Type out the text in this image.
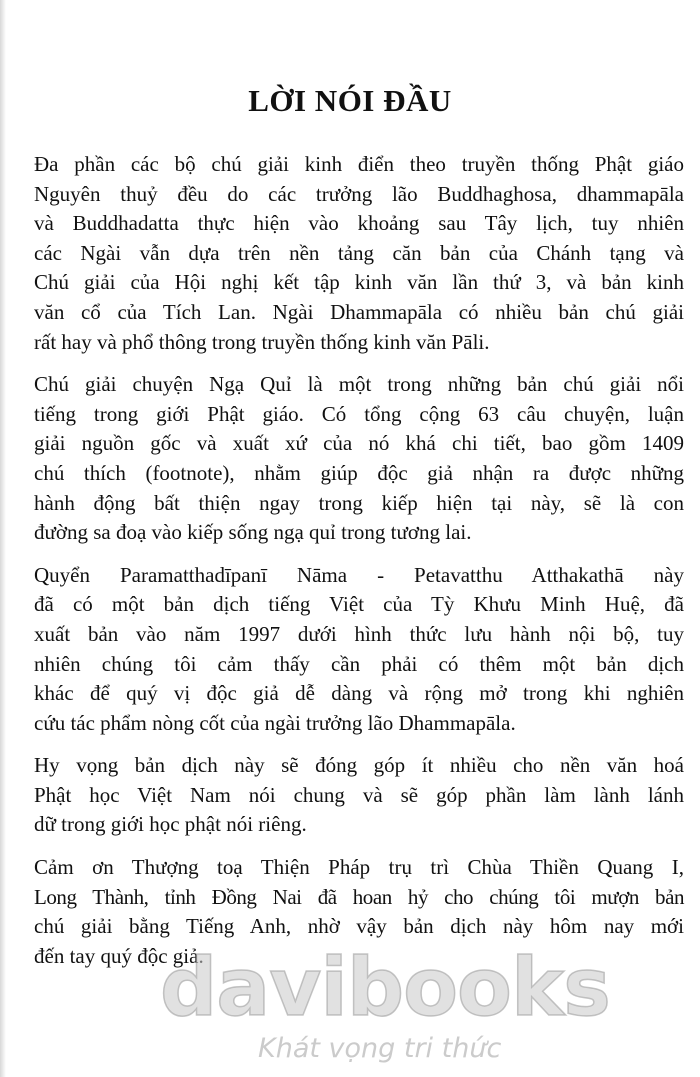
LỜI NÓI ĐẦU
Đa phần các bộ chú giải kinh điển theo truyền thống Phật giáo
Nguyên thuỷ đều do các trưởng lão Buddhaghosa, dhammapāla
và Buddhadatta thực hiện vào khoảng sau Tây lịch, tuy nhiên
các Ngài vẫn dựa trên nền tảng căn bản của Chánh tạng và
Chú giải của Hội nghị kết tập kinh văn lần thứ 3, và bản kinh
văn cổ của Tích Lan. Ngài Dhammapāla có nhiều bản chú giải
rất hay và phổ thông trong truyền thống kinh văn Pāli.
Chú giải chuyện Ngạ Quỉ là một trong những bản chú giải nổi
tiếng trong giới Phật giáo. Có tổng cộng 63 câu chuyện, luận
giải nguồn gốc và xuất xứ của nó khá chi tiết, bao gồm 1409
chú thích (footnote), nhằm giúp độc giả nhận ra được những
hành động bất thiện ngay trong kiếp hiện tại này, sẽ là con
đường sa đoạ vào kiếp sống ngạ quỉ trong tương lai.
Quyển Paramatthadīpanī Nāma - Petavatthu Atthakathā này
đã có một bản dịch tiếng Việt của Tỳ Khưu Minh Huệ, đã
xuất bản vào năm 1997 dưới hình thức lưu hành nội bộ, tuy
nhiên chúng tôi cảm thấy cần phải có thêm một bản dịch
khác để quý vị độc giả dễ dàng và rộng mở trong khi nghiên
cứu tác phẩm nòng cốt của ngài trưởng lão Dhammapāla.
Hy vọng bản dịch này sẽ đóng góp ít nhiều cho nền văn hoá
Phật học Việt Nam nói chung và sẽ góp phần làm lành lánh
dữ trong giới học phật nói riêng.
Cảm ơn Thượng toạ Thiện Pháp trụ trì Chùa Thiền Quang I,
Long Thành, tỉnh Đồng Nai đã hoan hỷ cho chúng tôi mượn bản
chú giải bằng Tiếng Anh, nhờ vậy bản dịch này hôm nay mới
đến tay quý độc giả.
davibooks
Khát vọng tri thức
